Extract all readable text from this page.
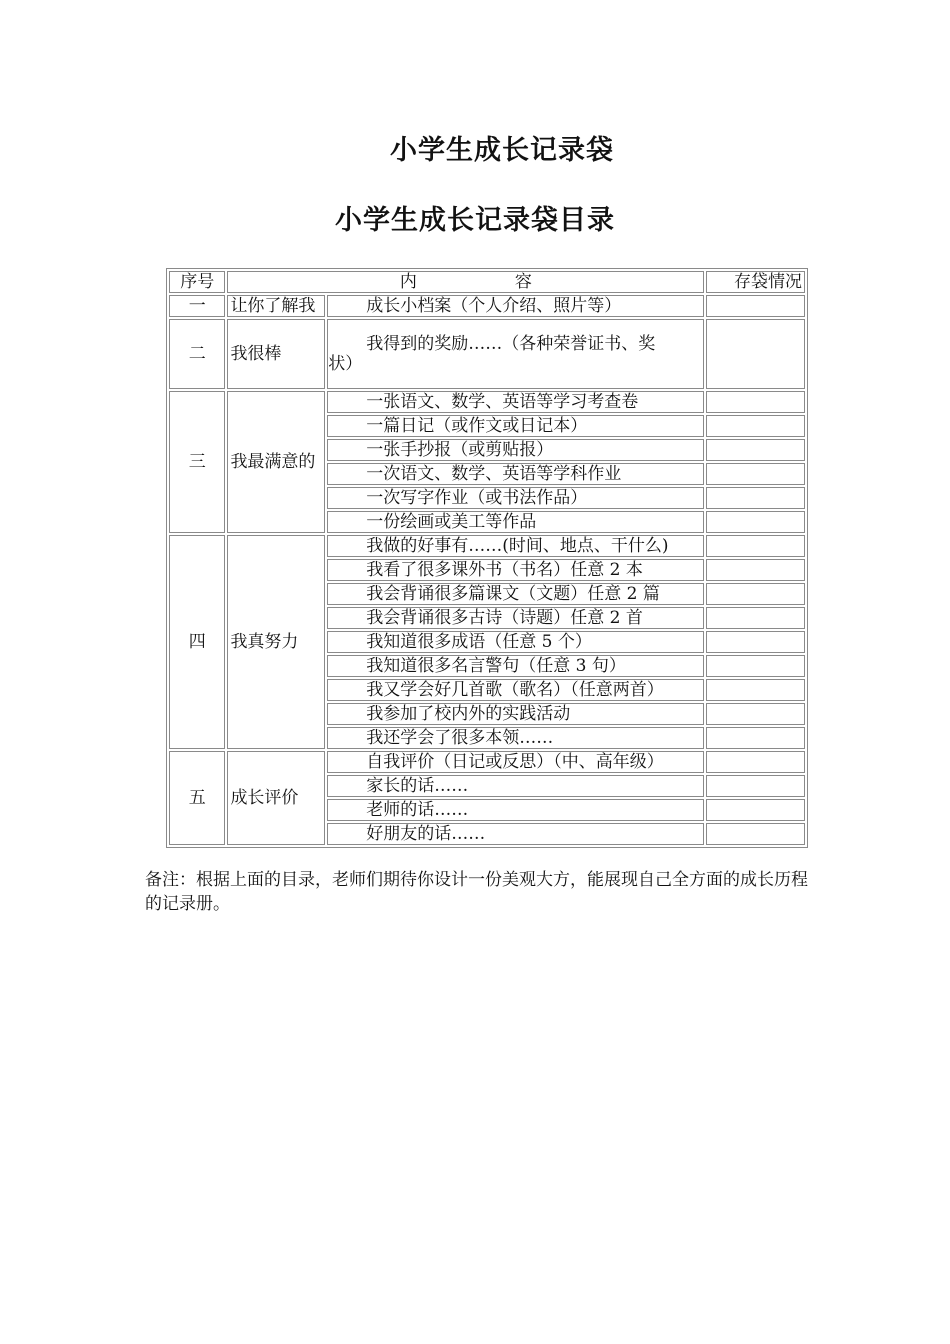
小学生成长记录袋
小学生成长记录袋目录
序号	内 容		存袋情况
一	让你了解我	成长小档案（个人介绍、照片等）	
二	我很棒	我得到的奖励……（各种荣誉证书、奖
状）	

三	我最满意的	一张语文、数学、英语等学习考查卷	
		一篇日记（或作文或日记本）	
		一张手抄报（或剪贴报）	
		一次语文、数学、英语等学科作业	
		一次写字作业（或书法作品）	
		一份绘画或美工等作品	
四	我真努力	我做的好事有……(时间、地点、干什么)	
		我看了很多课外书（书名）任意 2 本	
		我会背诵很多篇课文（文题）任意 2 篇	
		我会背诵很多古诗（诗题）任意 2 首	
		我知道很多成语（任意 5 个）	
		我知道很多名言警句（任意 3 句）	
		我又学会好几首歌（歌名）（任意两首）	
		我参加了校内外的实践活动	
		我还学会了很多本领……	
五	成长评价	自我评价（日记或反思）（中、高年级）	
		家长的话……	
		老师的话……	
		好朋友的话……	
备注：根据上面的目录，老师们期待你设计一份美观大方，能展现自己全方面的成长历程的记录册。
